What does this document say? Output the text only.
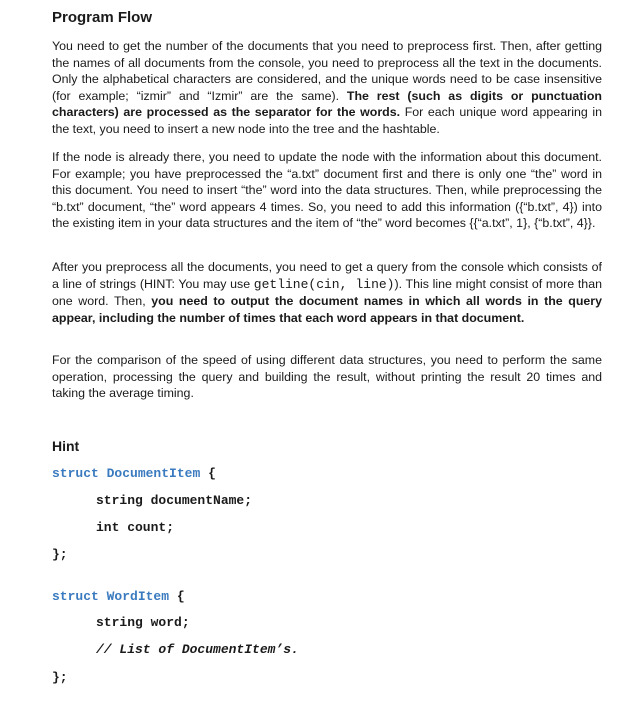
Program Flow

You need to get the number of the documents that you need to preprocess first. Then, after getting the names of all documents from the console, you need to preprocess all the text in the documents. Only the alphabetical characters are considered, and the unique words need to be case insensitive (for example; “izmir” and “Izmir” are the same). The rest (such as digits or punctuation characters) are processed as the separator for the words. For each unique word appearing in the text, you need to insert a new node into the tree and the hashtable.

If the node is already there, you need to update the node with the information about this document. For example; you have preprocessed the “a.txt” document first and there is only one “the” word in this document. You need to insert “the” word into the data structures. Then, while preprocessing the “b.txt” document, “the” word appears 4 times. So, you need to add this information ({“b.txt”, 4}) into the existing item in your data structures and the item of “the” word becomes {{“a.txt”, 1}, {“b.txt”, 4}}.

After you preprocess all the documents, you need to get a query from the console which consists of a line of strings (HINT: You may use getline(cin, line)). This line might consist of more than one word. Then, you need to output the document names in which all words in the query appear, including the number of times that each word appears in that document.

For the comparison of the speed of using different data structures, you need to perform the same operation, processing the query and building the result, without printing the result 20 times and taking the average timing.

Hint
struct DocumentItem {
string documentName;
int count;
};
struct WordItem {
string word;
// List of DocumentItem’s.
};
